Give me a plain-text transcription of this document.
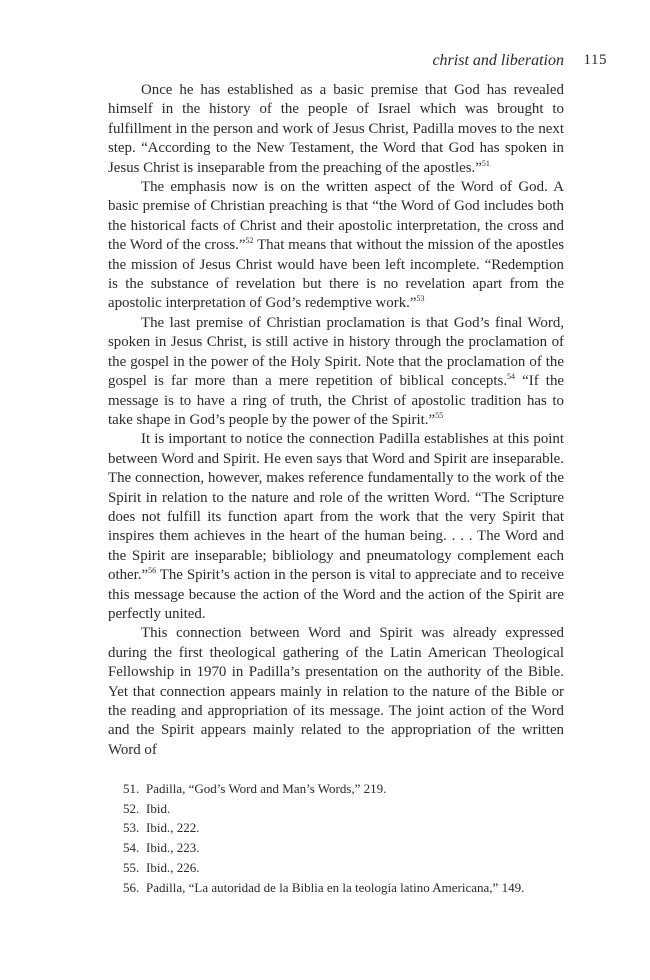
christ and liberation 115

Once he has established as a basic premise that God has revealed himself in the history of the people of Israel which was brought to fulfillment in the person and work of Jesus Christ, Padilla moves to the next step. “According to the New Testament, the Word that God has spoken in Jesus Christ is inseparable from the preaching of the apostles.”$^{51}$

The emphasis now is on the written aspect of the Word of God. A basic premise of Christian preaching is that “the Word of God includes both the historical facts of Christ and their apostolic interpretation, the cross and the Word of the cross.”$^{52}$ That means that without the mission of the apostles the mission of Jesus Christ would have been left incomplete. “Redemption is the substance of revelation but there is no revelation apart from the apostolic interpretation of God’s redemptive work.”$^{53}$

The last premise of Christian proclamation is that God’s final Word, spoken in Jesus Christ, is still active in history through the proclamation of the gospel in the power of the Holy Spirit. Note that the proclamation of the gospel is far more than a mere repetition of biblical concepts.$^{54}$ “If the message is to have a ring of truth, the Christ of apostolic tradition has to take shape in God’s people by the power of the Spirit.”$^{55}$

It is important to notice the connection Padilla establishes at this point between Word and Spirit. He even says that Word and Spirit are inseparable. The connection, however, makes reference fundamentally to the work of the Spirit in relation to the nature and role of the written Word. “The Scripture does not fulfill its function apart from the work that the very Spirit that inspires them achieves in the heart of the human being. . . . The Word and the Spirit are inseparable; bibliology and pneumatology complement each other.”$^{56}$ The Spirit’s action in the person is vital to appreciate and to receive this message because the action of the Word and the action of the Spirit are perfectly united.

This connection between Word and Spirit was already expressed during the first theological gathering of the Latin American Theological Fellowship in 1970 in Padilla’s presentation on the authority of the Bible. Yet that connection appears mainly in relation to the nature of the Bible or the reading and appropriation of its message. The joint action of the Word and the Spirit appears mainly related to the appropriation of the written Word of

51. Padilla, “God’s Word and Man’s Words,” 219.
52. Ibid.
53. Ibid., 222.
54. Ibid., 223.
55. Ibid., 226.
56. Padilla, “La autoridad de la Biblia en la teología latino Americana,” 149.
